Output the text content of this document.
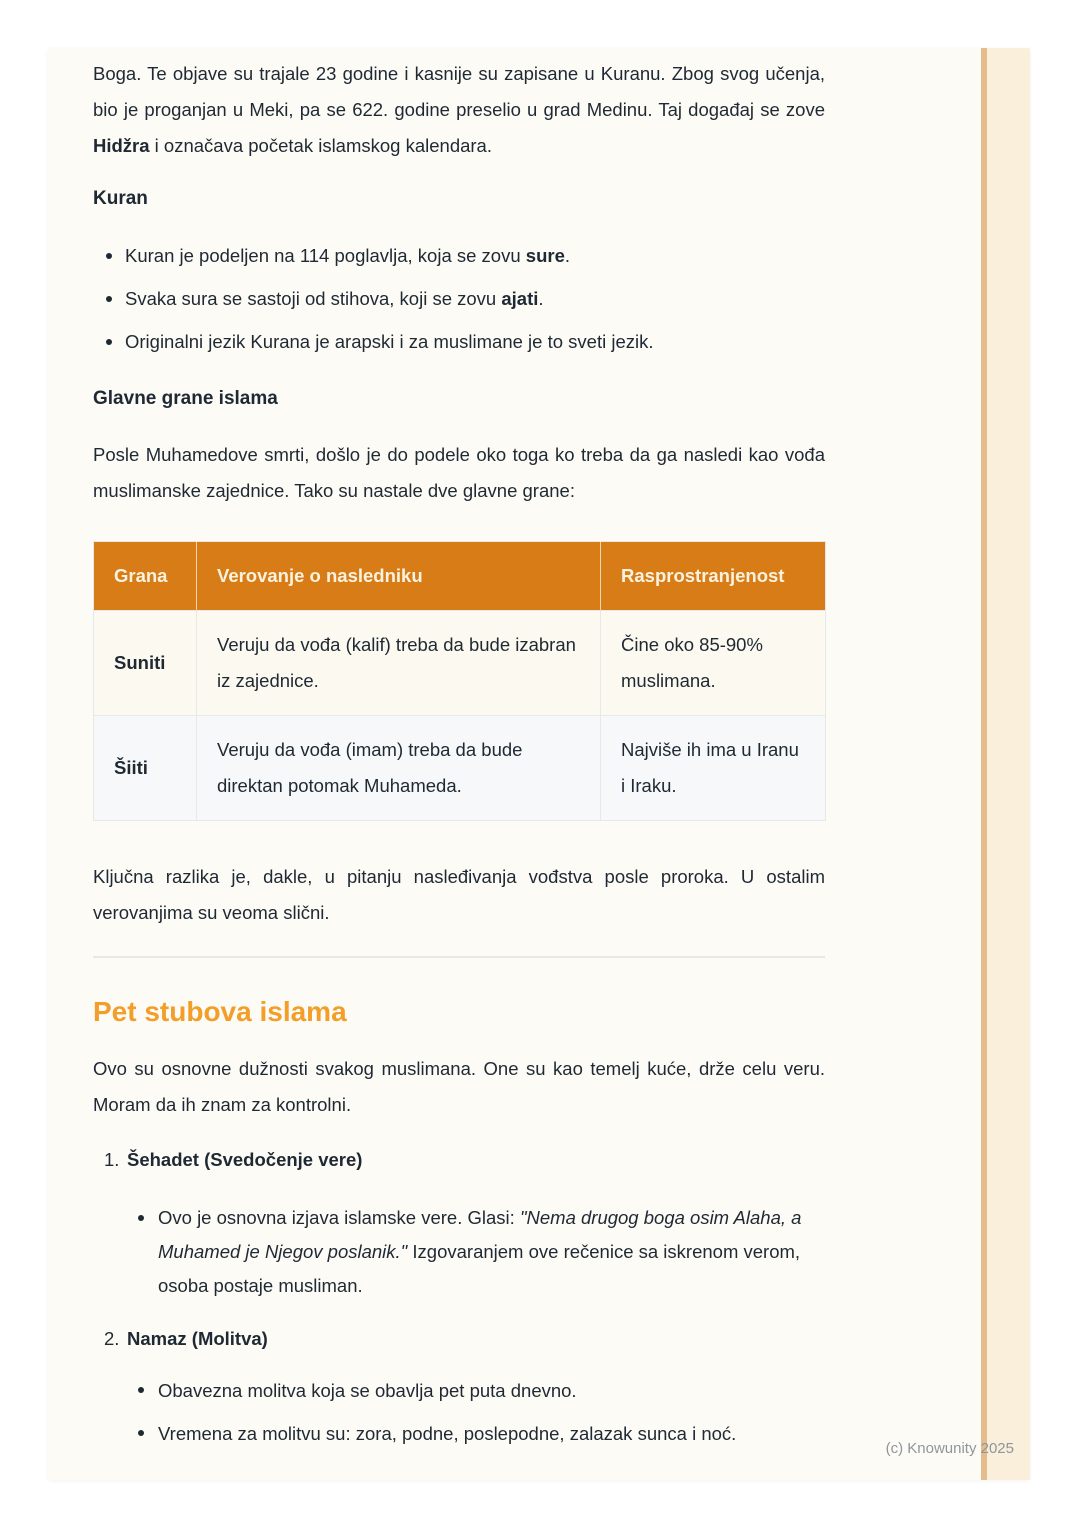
Boga. Te objave su trajale 23 godine i kasnije su zapisane u Kuranu. Zbog svog učenja, bio je proganjan u Meki, pa se 622. godine preselio u grad Medinu. Taj događaj se zove Hidžra i označava početak islamskog kalendara.

Kuran
Kuran je podeljen na 114 poglavlja, koja se zovu sure.
Svaka sura se sastoji od stihova, koji se zovu ajati.
Originalni jezik Kurana je arapski i za muslimane je to sveti jezik.
Glavne grane islama

Posle Muhamedove smrti, došlo je do podele oko toga ko treba da ga nasledi kao vođa muslimanske zajednice. Tako su nastale dve glavne grane:

Grana	Verovanje o nasledniku	Rasprostranjenost
Suniti	Veruju da vođa (kalif) treba da bude izabran iz zajednice.	Čine oko 85-90% muslimana.
Šiiti	Veruju da vođa (imam) treba da bude direktan potomak Muhameda.	Najviše ih ima u Iranu i Iraku.

Ključna razlika je, dakle, u pitanju nasleđivanja vođstva posle proroka. U ostalim verovanjima su veoma slični.

Pet stubova islama

Ovo su osnovne dužnosti svakog muslimana. One su kao temelj kuće, drže celu veru. Moram da ih znam za kontrolni.

1. Šehadet (Svedočenje vere)
Ovo je osnovna izjava islamske vere. Glasi: "Nema drugog boga osim Alaha, a Muhamed je Njegov poslanik." Izgovaranjem ove rečenice sa iskrenom verom, osoba postaje musliman.
2. Namaz (Molitva)
Obavezna molitva koja se obavlja pet puta dnevno.
Vremena za molitvu su: zora, podne, poslepodne, zalazak sunca i noć.
(c) Knowunity 2025
